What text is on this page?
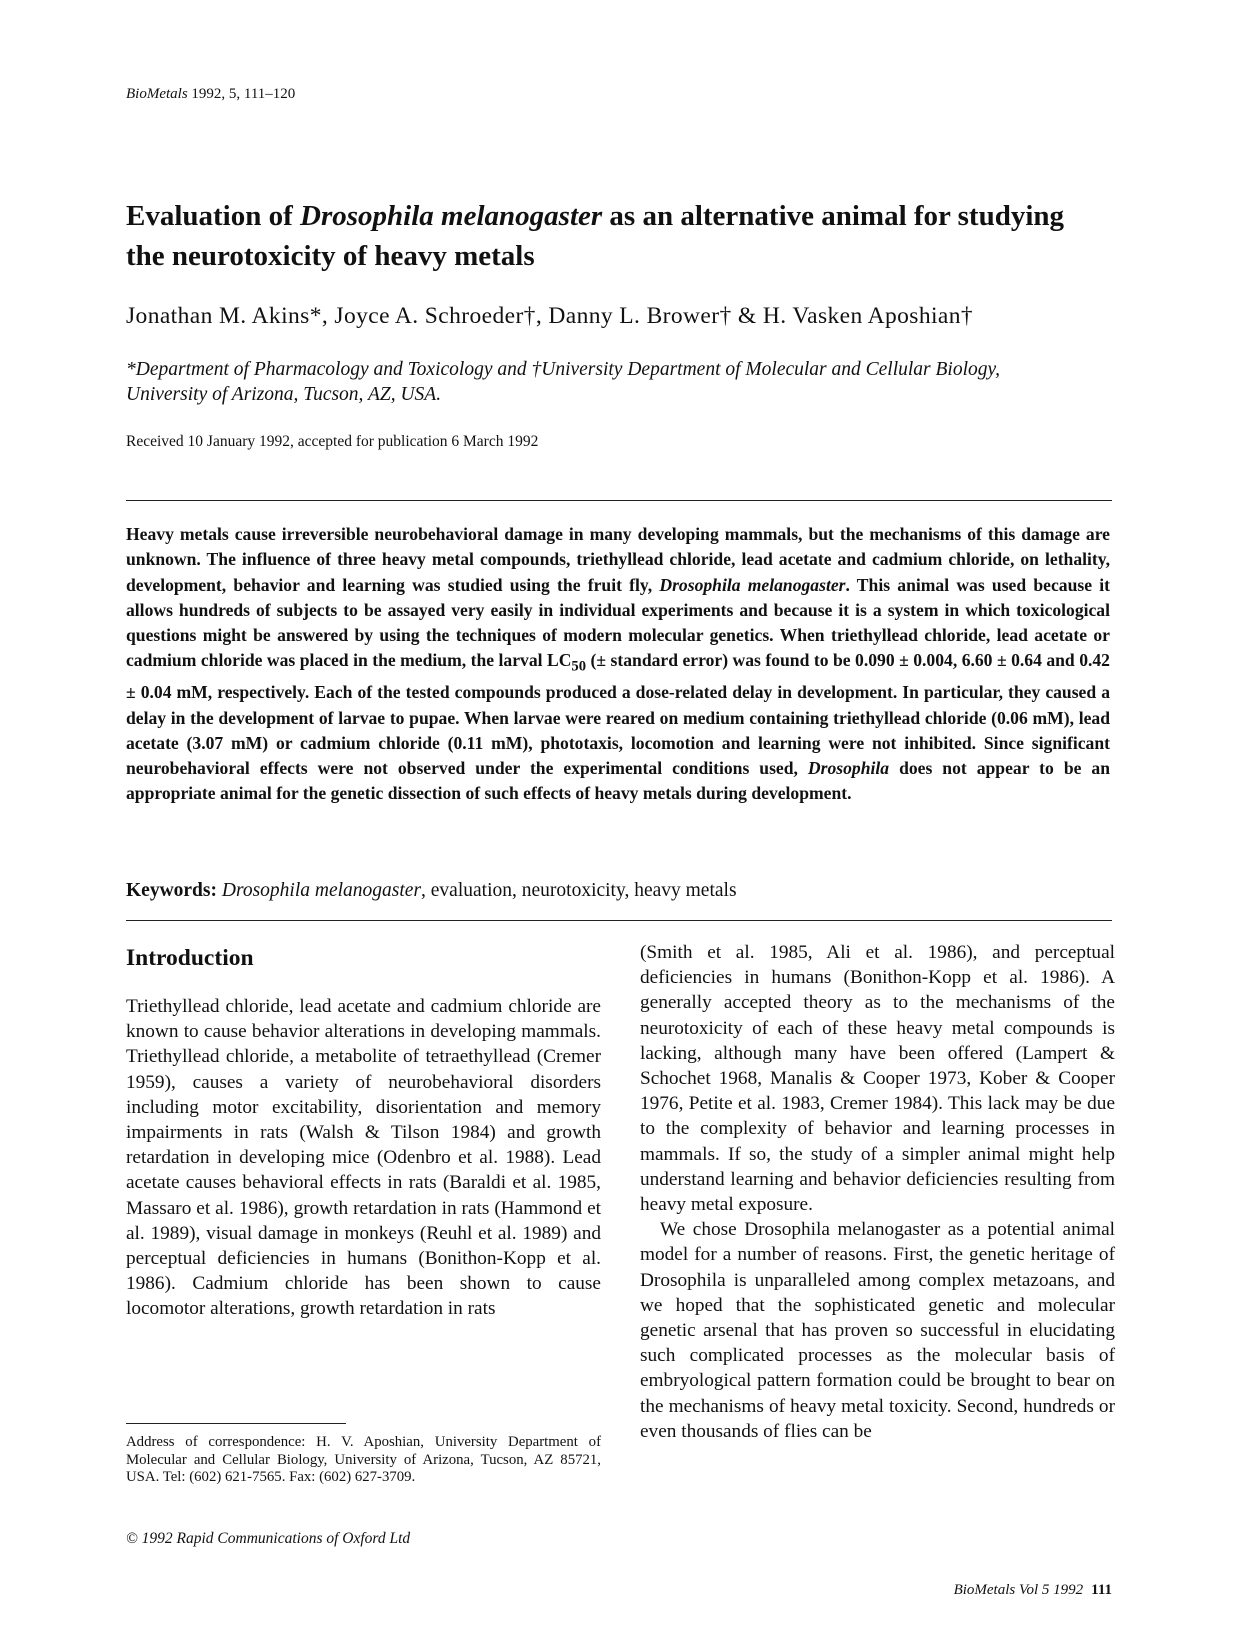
BioMetals 1992, 5, 111–120
Evaluation of Drosophila melanogaster as an alternative animal for studying the neurotoxicity of heavy metals
Jonathan M. Akins*, Joyce A. Schroeder†, Danny L. Brower† & H. Vasken Aposhian†
*Department of Pharmacology and Toxicology and †University Department of Molecular and Cellular Biology, University of Arizona, Tucson, AZ, USA.
Received 10 January 1992, accepted for publication 6 March 1992

Heavy metals cause irreversible neurobehavioral damage in many developing mammals, but the mechanisms of this damage are unknown. The influence of three heavy metal compounds, triethyllead chloride, lead acetate and cadmium chloride, on lethality, development, behavior and learning was studied using the fruit fly, Drosophila melanogaster. This animal was used because it allows hundreds of subjects to be assayed very easily in individual experiments and because it is a system in which toxicological questions might be answered by using the techniques of modern molecular genetics. When triethyllead chloride, lead acetate or cadmium chloride was placed in the medium, the larval $LC_{50}$ (± standard error) was found to be 0.090 ± 0.004, 6.60 ± 0.64 and 0.42 ± 0.04 mM, respectively. Each of the tested compounds produced a dose-related delay in development. In particular, they caused a delay in the development of larvae to pupae. When larvae were reared on medium containing triethyllead chloride (0.06 mM), lead acetate (3.07 mM) or cadmium chloride (0.11 mM), phototaxis, locomotion and learning were not inhibited. Since significant neurobehavioral effects were not observed under the experimental conditions used, Drosophila does not appear to be an appropriate animal for the genetic dissection of such effects of heavy metals during development.

Keywords: Drosophila melanogaster, evaluation, neurotoxicity, heavy metals
Introduction

Triethyllead chloride, lead acetate and cadmium chloride are known to cause behavior alterations in developing mammals. Triethyllead chloride, a metabolite of tetraethyllead (Cremer 1959), causes a variety of neurobehavioral disorders including motor excitability, disorientation and memory impairments in rats (Walsh & Tilson 1984) and growth retardation in developing mice (Odenbro et al. 1988). Lead acetate causes behavioral effects in rats (Baraldi et al. 1985, Massaro et al. 1986), growth retardation in rats (Hammond et al. 1989), visual damage in monkeys (Reuhl et al. 1989) and perceptual deficiencies in humans (Bonithon-Kopp et al. 1986). Cadmium chloride has been shown to cause locomotor alterations, growth retardation in rats

(Smith et al. 1985, Ali et al. 1986), and perceptual deficiencies in humans (Bonithon-Kopp et al. 1986). A generally accepted theory as to the mechanisms of the neurotoxicity of each of these heavy metal compounds is lacking, although many have been offered (Lampert & Schochet 1968, Manalis & Cooper 1973, Kober & Cooper 1976, Petite et al. 1983, Cremer 1984). This lack may be due to the complexity of behavior and learning processes in mammals. If so, the study of a simpler animal might help understand learning and behavior deficiencies resulting from heavy metal exposure.

We chose Drosophila melanogaster as a potential animal model for a number of reasons. First, the genetic heritage of Drosophila is unparalleled among complex metazoans, and we hoped that the sophisticated genetic and molecular genetic arsenal that has proven so successful in elucidating such complicated processes as the molecular basis of embryological pattern formation could be brought to bear on the mechanisms of heavy metal toxicity. Second, hundreds or even thousands of flies can be

Address of correspondence: H. V. Aposhian, University Department of Molecular and Cellular Biology, University of Arizona, Tucson, AZ 85721, USA. Tel: (602) 621-7565. Fax: (602) 627-3709.
© 1992 Rapid Communications of Oxford Ltd
BioMetals Vol 5 1992 111
